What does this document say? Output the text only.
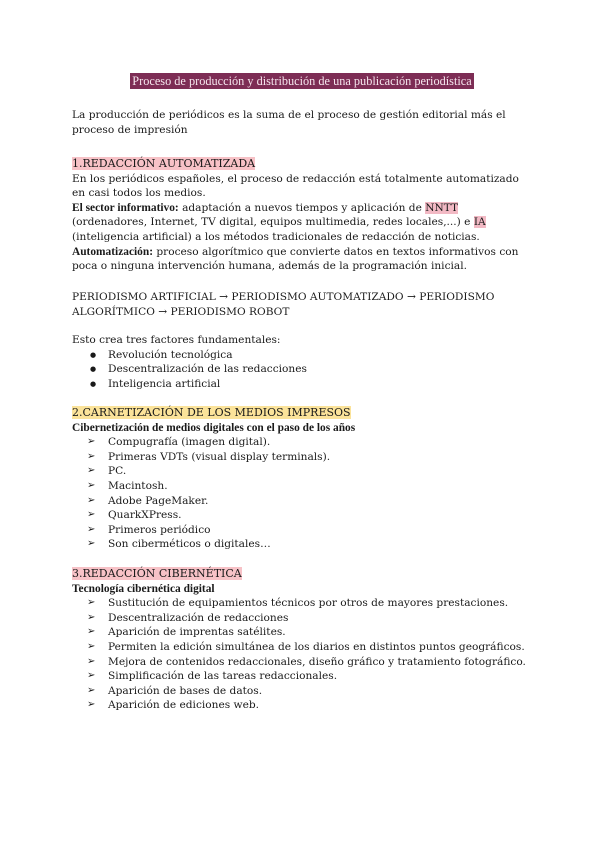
Proceso de producción y distribución de una publicación periodística

La producción de periódicos es la suma de el proceso de gestión editorial más el proceso de impresión

1.REDACCIÓN AUTOMATIZADA

En los periódicos españoles, el proceso de redacción está totalmente automatizado en casi todos los medios.

El sector informativo: adaptación a nuevos tiempos y aplicación de NNTT (ordenadores, Internet, TV digital, equipos multimedia, redes locales,...) e IA (inteligencia artificial) a los métodos tradicionales de redacción de noticias.

Automatización: proceso algorítmico que convierte datos en textos informativos con poca o ninguna intervención humana, además de la programación inicial.

PERIODISMO ARTIFICIAL → PERIODISMO AUTOMATIZADO → PERIODISMO ALGORÍTMICO → PERIODISMO ROBOT

Esto crea tres factores fundamentales:

● Revolución tecnológica
● Descentralización de las redacciones
● Inteligencia artificial
2.CARNETIZACIÓN DE LOS MEDIOS IMPRESOS

Cibernetización de medios digitales con el paso de los años

➢ Compugrafía (imagen digital).
➢ Primeras VDTs (visual display terminals).
➢ PC.
➢ Macintosh.
➢ Adobe PageMaker.
➢ QuarkXPress.
➢ Primeros periódico
➢ Son ciberméticos o digitales…
3.REDACCIÓN CIBERNÉTICA

Tecnología cibernética digital

➢ Sustitución de equipamientos técnicos por otros de mayores prestaciones.
➢ Descentralización de redacciones
➢ Aparición de imprentas satélites.
➢ Permiten la edición simultánea de los diarios en distintos puntos geográficos.
➢ Mejora de contenidos redaccionales, diseño gráfico y tratamiento fotográfico.
➢ Simplificación de las tareas redaccionales.
➢ Aparición de bases de datos.
➢ Aparición de ediciones web.
